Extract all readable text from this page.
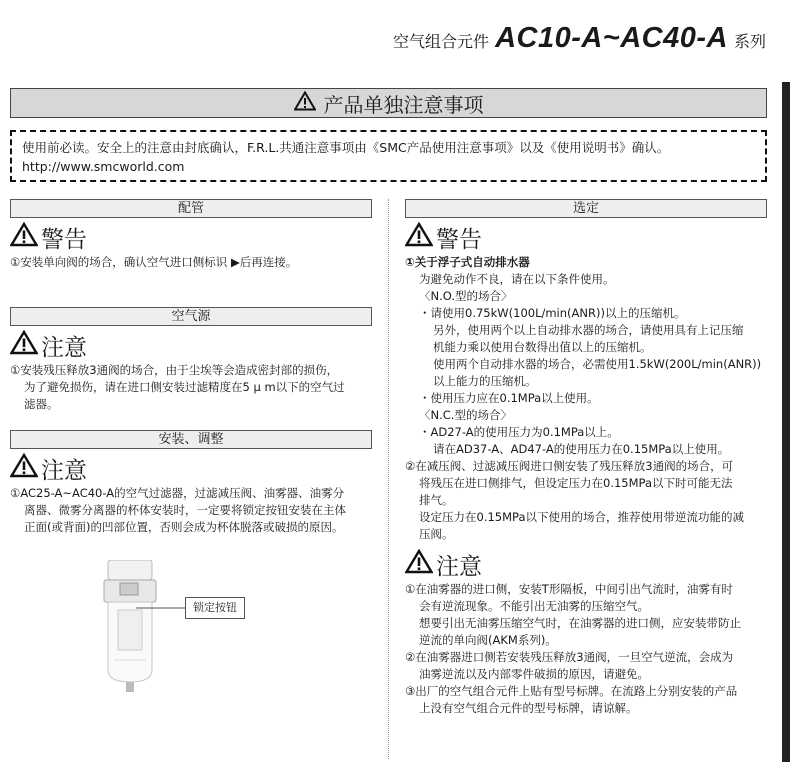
空气组合元件 AC10-A~AC40-A 系列
产品单独注意事项
使用前必读。安全上的注意由封底确认，F.R.L.共通注意事项由《SMC产品使用注意事项》以及《使用说明书》确认。
http://www.smcworld.com
配管
警告
① 安装单向阀的场合，确认空气进口侧标识 ▶后再连接。
空气源
注意
① 安装残压释放3通阀的场合，由于尘埃等会造成密封部的损伤，
为了避免损伤，请在进口侧安装过滤精度在5 μ m以下的空气过
滤器。
安装、调整
注意
① AC25-A~AC40-A的空气过滤器，过滤减压阀、油雾器、油雾分
离器、微雾分离器的杯体安装时，一定要将锁定按钮安装在主体
正面(或背面)的凹部位置，否则会成为杯体脱落或破损的原因。
锁定按钮
选定
警告
①关于浮子式自动排水器
为避免动作不良，请在以下条件使用。
〈N.O.型的场合〉
・请使用0.75kW(100L/min(ANR))以上的压缩机。
另外，使用两个以上自动排水器的场合，请使用具有上记压缩
机能力乘以使用台数得出值以上的压缩机。
使用两个自动排水器的场合，必需使用1.5kW(200L/min(ANR))
以上能力的压缩机。
・使用压力应在0.1MPa以上使用。
〈N.C.型的场合〉
・AD27-A的使用压力为0.1MPa以上。
请在AD37-A、AD47-A的使用压力在0.15MPa以上使用。
②在减压阀、过滤减压阀进口侧安装了残压释放3通阀的场合，可
将残压在进口侧排气，但设定压力在0.15MPa以下时可能无法
排气。
设定压力在0.15MPa以下使用的场合，推荐使用带逆流功能的减
压阀。
注意
①在油雾器的进口侧，安装T形隔板，中间引出气流时，油雾有时
会有逆流现象。不能引出无油雾的压缩空气。
想要引出无油雾压缩空气时，在油雾器的进口侧，应安装带防止
逆流的单向阀(AKM系列)。
②在油雾器进口侧若安装残压释放3通阀，一旦空气逆流，会成为
油雾逆流以及内部零件破损的原因，请避免。
③出厂的空气组合元件上贴有型号标牌。在流路上分别安装的产品
上没有空气组合元件的型号标牌，请谅解。
